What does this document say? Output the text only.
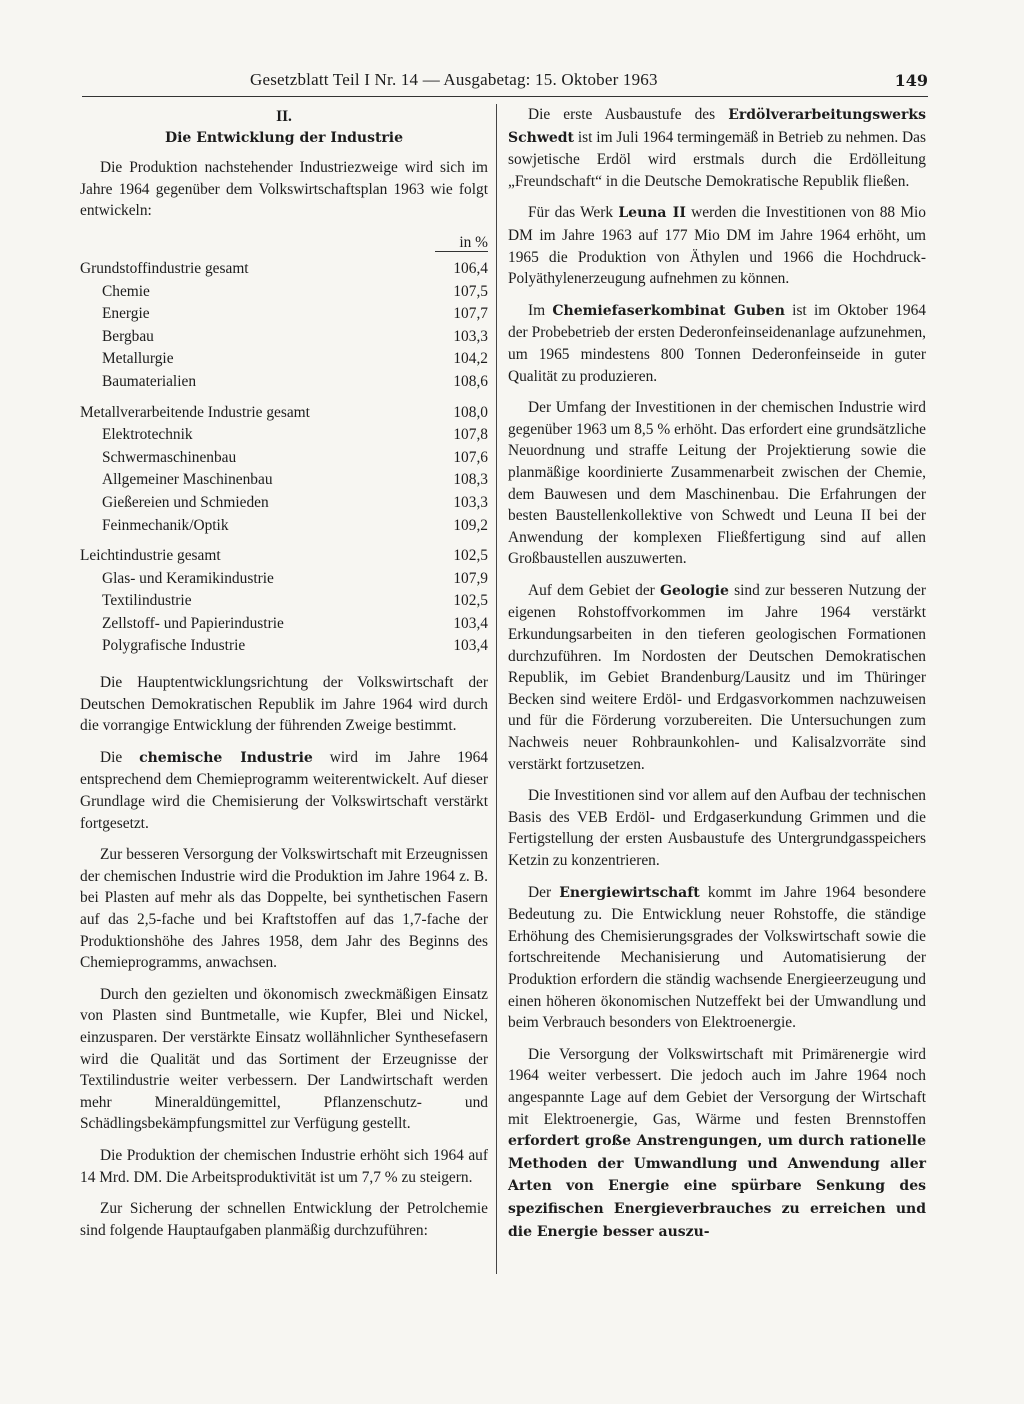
Gesetzblatt Teil I Nr. 14 — Ausgabetag: 15. Oktober 1963	149
II.
Die Entwicklung der Industrie

Die Produktion nachstehender Industriezweige wird sich im Jahre 1964 gegenüber dem Volkswirtschaftsplan 1963 wie folgt entwickeln:

in %
Grundstoffindustrie gesamt	106,4
Chemie	107,5
Energie	107,7
Bergbau	103,3
Metallurgie	104,2
Baumaterialien	108,6
Metallverarbeitende Industrie gesamt	108,0
Elektrotechnik	107,8
Schwermaschinenbau	107,6
Allgemeiner Maschinenbau	108,3
Gießereien und Schmieden	103,3
Feinmechanik/Optik	109,2
Leichtindustrie gesamt	102,5
Glas- und Keramikindustrie	107,9
Textilindustrie	102,5
Zellstoff- und Papierindustrie	103,4
Polygrafische Industrie	103,4

Die Hauptentwicklungsrichtung der Volkswirtschaft der Deutschen Demokratischen Republik im Jahre 1964 wird durch die vorrangige Entwicklung der führenden Zweige bestimmt.

Die chemische Industrie wird im Jahre 1964 entsprechend dem Chemieprogramm weiterentwickelt. Auf dieser Grundlage wird die Chemisierung der Volkswirtschaft verstärkt fortgesetzt.

Zur besseren Versorgung der Volkswirtschaft mit Erzeugnissen der chemischen Industrie wird die Produktion im Jahre 1964 z. B. bei Plasten auf mehr als das Doppelte, bei synthetischen Fasern auf das 2,5-fache und bei Kraftstoffen auf das 1,7-fache der Produktionshöhe des Jahres 1958, dem Jahr des Beginns des Chemieprogramms, anwachsen.

Durch den gezielten und ökonomisch zweckmäßigen Einsatz von Plasten sind Buntmetalle, wie Kupfer, Blei und Nickel, einzusparen. Der verstärkte Einsatz wollähnlicher Synthesefasern wird die Qualität und das Sortiment der Erzeugnisse der Textilindustrie weiter verbessern. Der Landwirtschaft werden mehr Mineraldüngemittel, Pflanzenschutz- und Schädlingsbekämpfungsmittel zur Verfügung gestellt.

Die Produktion der chemischen Industrie erhöht sich 1964 auf 14 Mrd. DM. Die Arbeitsproduktivität ist um 7,7 % zu steigern.

Zur Sicherung der schnellen Entwicklung der Petrolchemie sind folgende Hauptaufgaben planmäßig durchzuführen:

Die erste Ausbaustufe des Erdölverarbeitungswerks Schwedt ist im Juli 1964 termingemäß in Betrieb zu nehmen. Das sowjetische Erdöl wird erstmals durch die Erdölleitung „Freundschaft“ in die Deutsche Demokratische Republik fließen.

Für das Werk Leuna II werden die Investitionen von 88 Mio DM im Jahre 1963 auf 177 Mio DM im Jahre 1964 erhöht, um 1965 die Produktion von Äthylen und 1966 die Hochdruck-Polyäthylenerzeugung aufnehmen zu können.

Im Chemiefaserkombinat Guben ist im Oktober 1964 der Probebetrieb der ersten Dederonfeinseidenanlage aufzunehmen, um 1965 mindestens 800 Tonnen Dederonfeinseide in guter Qualität zu produzieren.

Der Umfang der Investitionen in der chemischen Industrie wird gegenüber 1963 um 8,5 % erhöht. Das erfordert eine grundsätzliche Neuordnung und straffe Leitung der Projektierung sowie die planmäßige koordinierte Zusammenarbeit zwischen der Chemie, dem Bauwesen und dem Maschinenbau. Die Erfahrungen der besten Baustellenkollektive von Schwedt und Leuna II bei der Anwendung der komplexen Fließfertigung sind auf allen Großbaustellen auszuwerten.

Auf dem Gebiet der Geologie sind zur besseren Nutzung der eigenen Rohstoffvorkommen im Jahre 1964 verstärkt Erkundungsarbeiten in den tieferen geologischen Formationen durchzuführen. Im Nordosten der Deutschen Demokratischen Republik, im Gebiet Brandenburg/Lausitz und im Thüringer Becken sind weitere Erdöl- und Erdgasvorkommen nachzuweisen und für die Förderung vorzubereiten. Die Untersuchungen zum Nachweis neuer Rohbraunkohlen- und Kalisalzvorräte sind verstärkt fortzusetzen.

Die Investitionen sind vor allem auf den Aufbau der technischen Basis des VEB Erdöl- und Erdgaserkundung Grimmen und die Fertigstellung der ersten Ausbaustufe des Untergrundgasspeichers Ketzin zu konzentrieren.

Der Energiewirtschaft kommt im Jahre 1964 besondere Bedeutung zu. Die Entwicklung neuer Rohstoffe, die ständige Erhöhung des Chemisierungsgrades der Volkswirtschaft sowie die fortschreitende Mechanisierung und Automatisierung der Produktion erfordern die ständig wachsende Energieerzeugung und einen höheren ökonomischen Nutzeffekt bei der Umwandlung und beim Verbrauch besonders von Elektroenergie.

Die Versorgung der Volkswirtschaft mit Primärenergie wird 1964 weiter verbessert. Die jedoch auch im Jahre 1964 noch angespannte Lage auf dem Gebiet der Versorgung der Wirtschaft mit Elektroenergie, Gas, Wärme und festen Brennstoffen erfordert große Anstrengungen, um durch rationelle Methoden der Umwandlung und Anwendung aller Arten von Energie eine spürbare Senkung des spezifischen Energieverbrauches zu erreichen und die Energie besser auszu-
